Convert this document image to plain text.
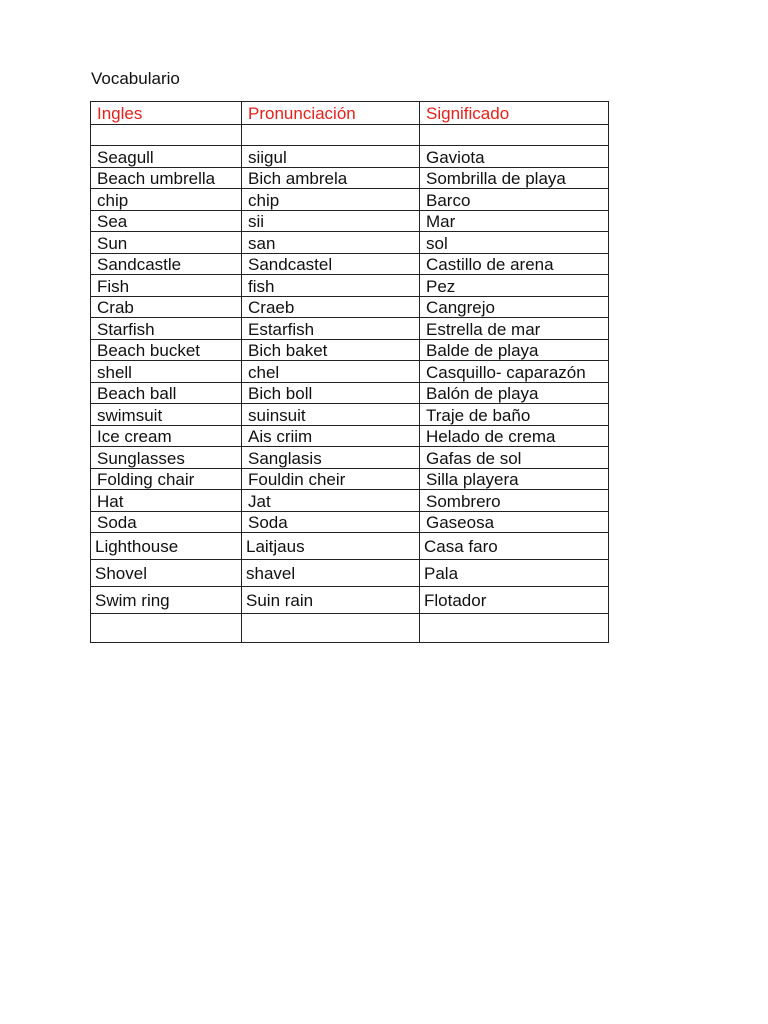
Vocabulario
Ingles	Pronunciación	Significado

Seagull	siigul	Gaviota
Beach umbrella	Bich ambrela	Sombrilla de playa
chip	chip	Barco
Sea	sii	Mar
Sun	san	sol
Sandcastle	Sandcastel	Castillo de arena
Fish	fish	Pez
Crab	Craeb	Cangrejo
Starfish	Estarfish	Estrella de mar
Beach bucket	Bich baket	Balde de playa
shell	chel	Casquillo- caparazón
Beach ball	Bich boll	Balón de playa
swimsuit	suinsuit	Traje de baño
Ice cream	Ais criim	Helado de crema
Sunglasses	Sanglasis	Gafas de sol
Folding chair	Fouldin cheir	Silla playera
Hat	Jat	Sombrero
Soda	Soda	Gaseosa
Lighthouse	Laitjaus	Casa faro
Shovel	shavel	Pala
Swim ring	Suin rain	Flotador
